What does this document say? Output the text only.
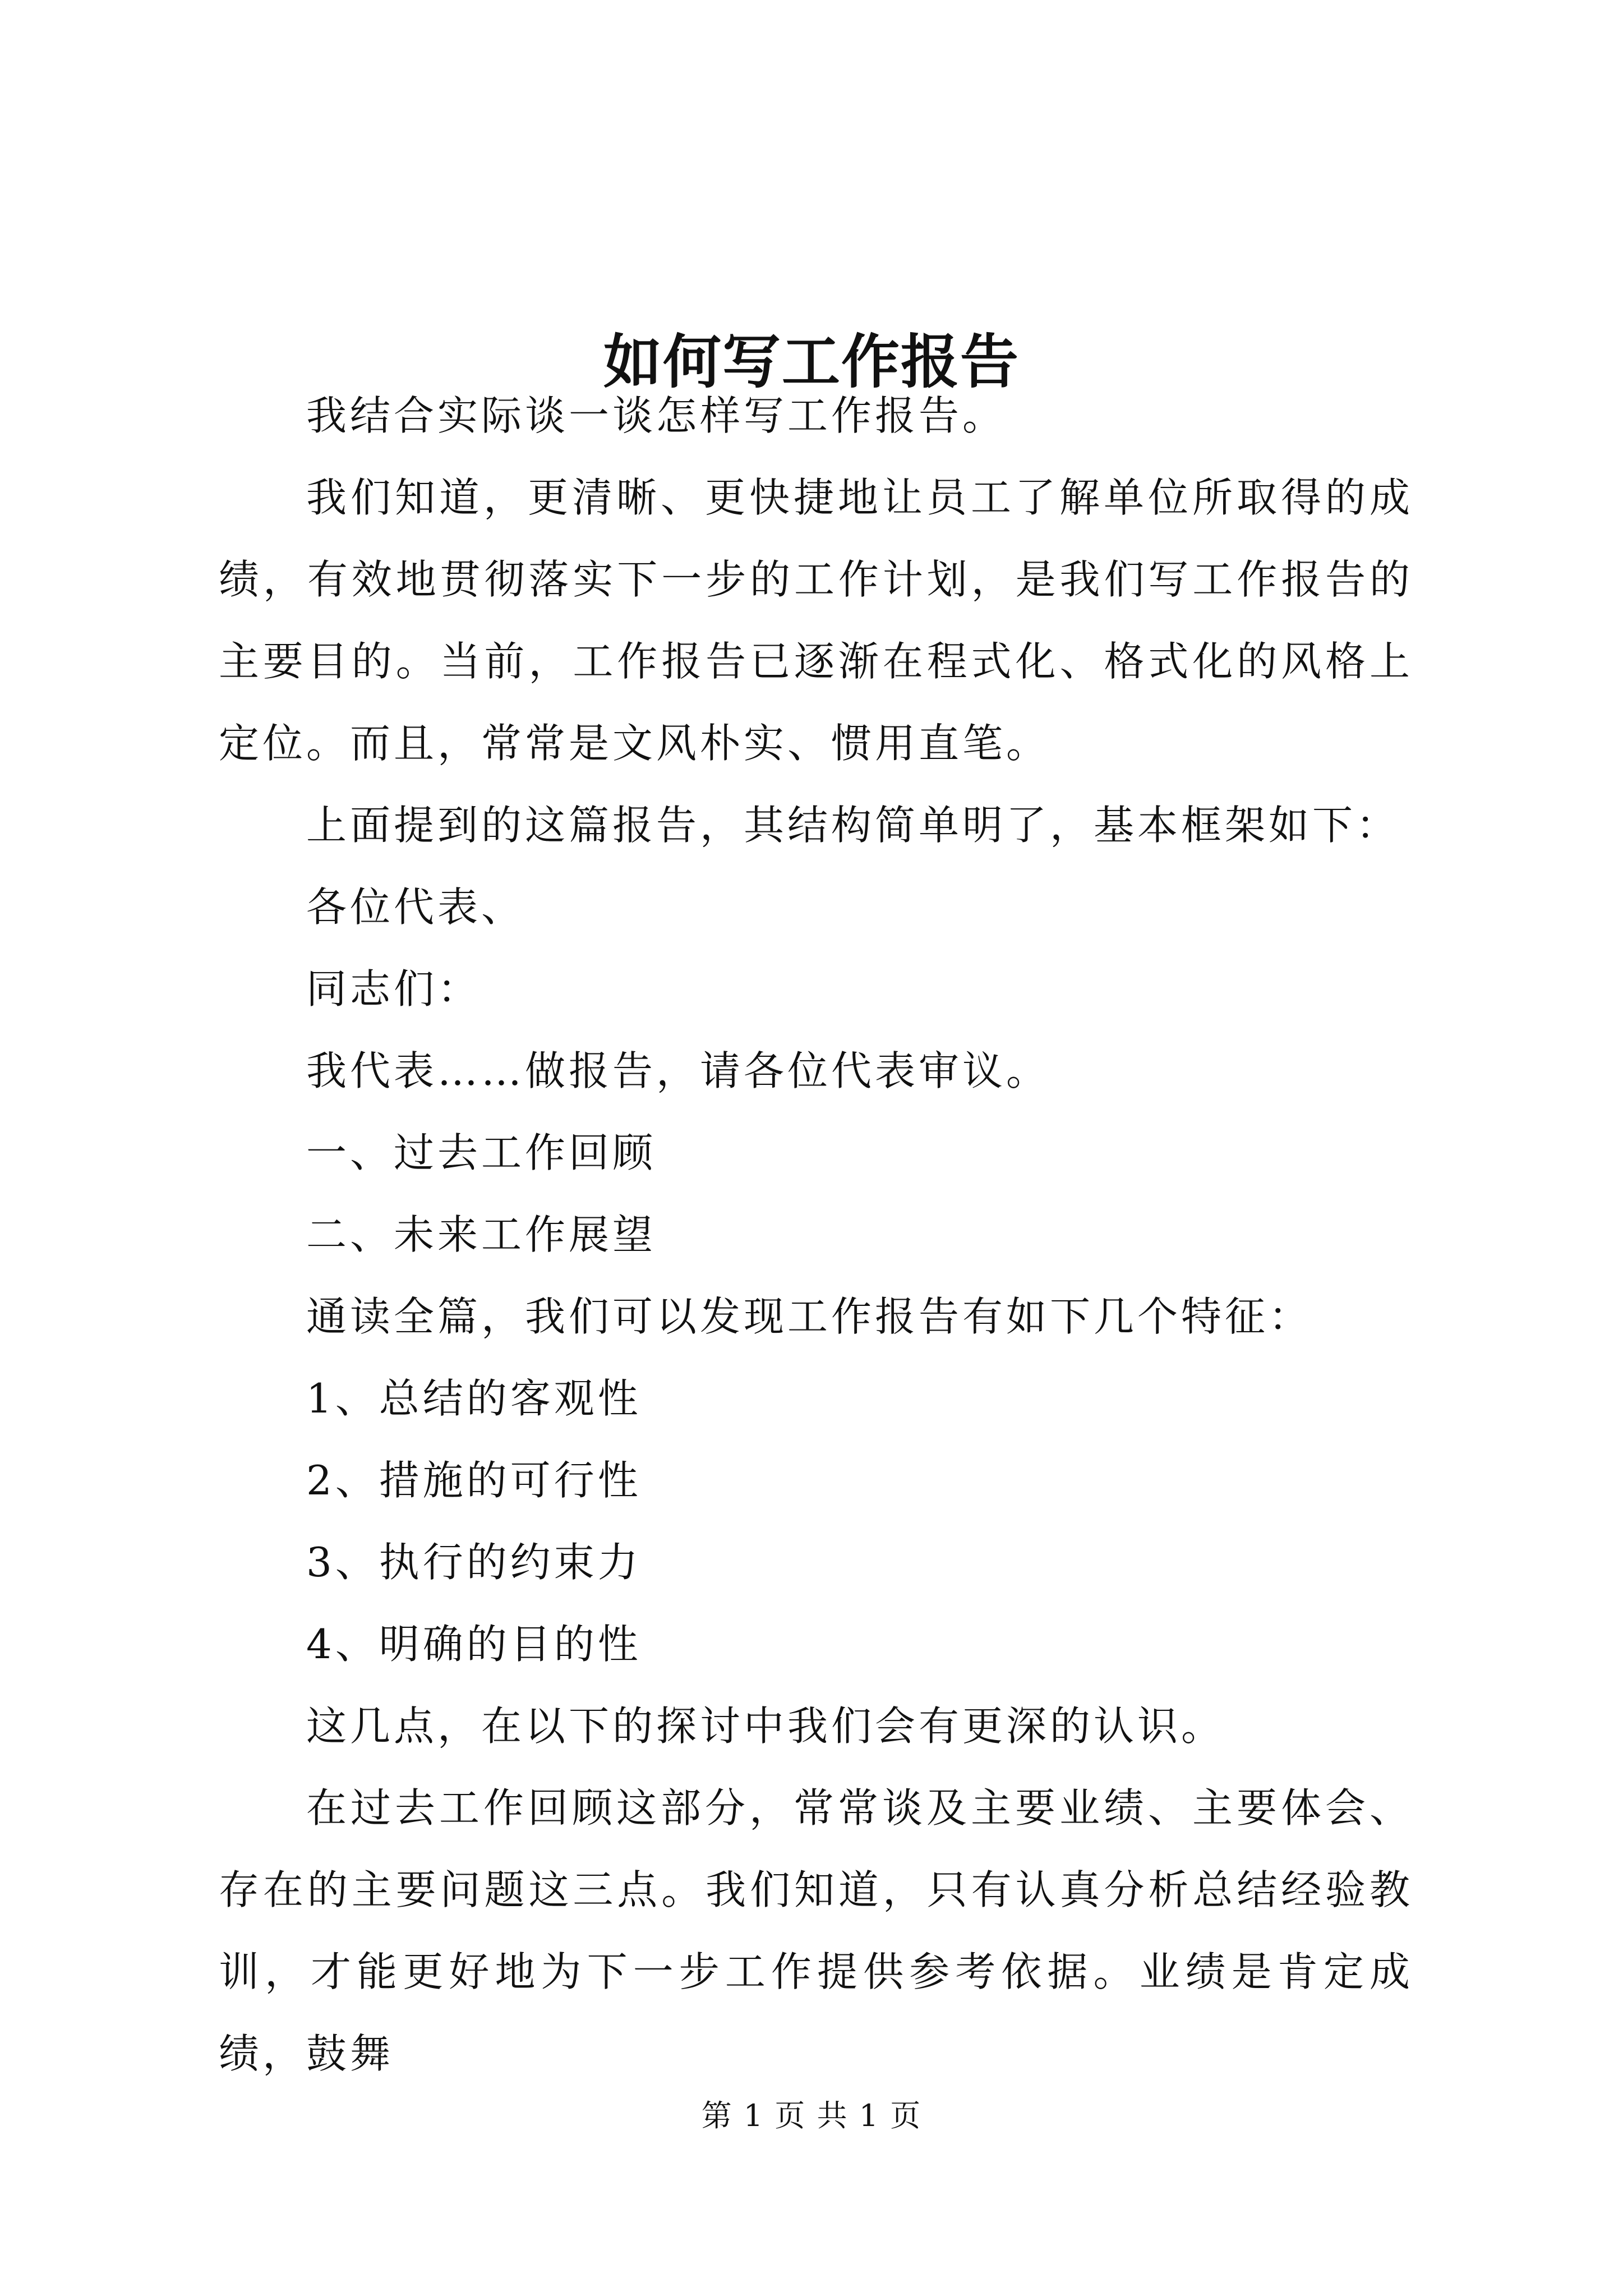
如何写工作报告

我结合实际谈一谈怎样写工作报告。

我们知道，更清晰、更快捷地让员工了解单位所取得的成绩，有效地贯彻落实下一步的工作计划，是我们写工作报告的主要目的。当前，工作报告已逐渐在程式化、格式化的风格上定位。而且，常常是文风朴实、惯用直笔。

上面提到的这篇报告，其结构简单明了，基本框架如下：

各位代表、

同志们：

我代表……做报告，请各位代表审议。

一、过去工作回顾

二、未来工作展望

通读全篇，我们可以发现工作报告有如下几个特征：

1、总结的客观性

2、措施的可行性

3、执行的约束力

4、明确的目的性

这几点，在以下的探讨中我们会有更深的认识。

在过去工作回顾这部分，常常谈及主要业绩、主要体会、存在的主要问题这三点。我们知道，只有认真分析总结经验教训，才能更好地为下一步工作提供参考依据。业绩是肯定成绩，鼓舞

第 1 页 共 1 页
